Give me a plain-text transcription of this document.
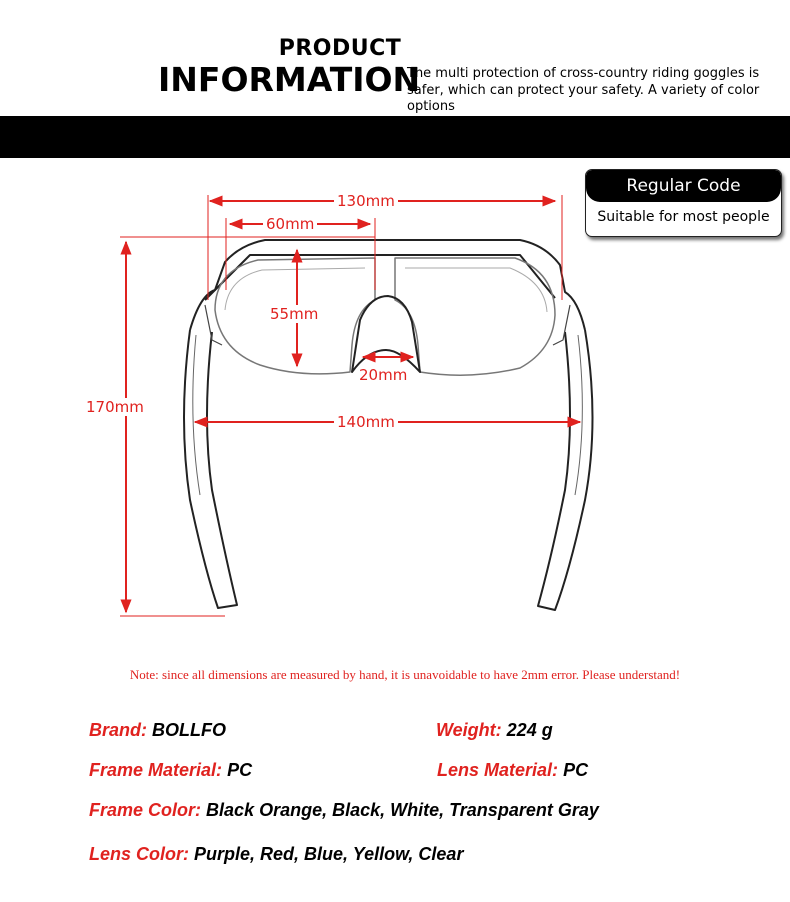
PRODUCT
INFORMATION
The multi protection of cross-country riding goggles is safer, which can protect your safety. A variety of color options
Regular Code
Suitable for most people
130mm
60mm
55mm
20mm
170mm
140mm
Note: since all dimensions are measured by hand, it is unavoidable to have 2mm error. Please understand!
Brand: BOLLFO	Weight: 224 g
Frame Material: PC	Lens Material: PC
Frame Color: Black Orange, Black, White, Transparent Gray
Lens Color: Purple, Red, Blue, Yellow, Clear
